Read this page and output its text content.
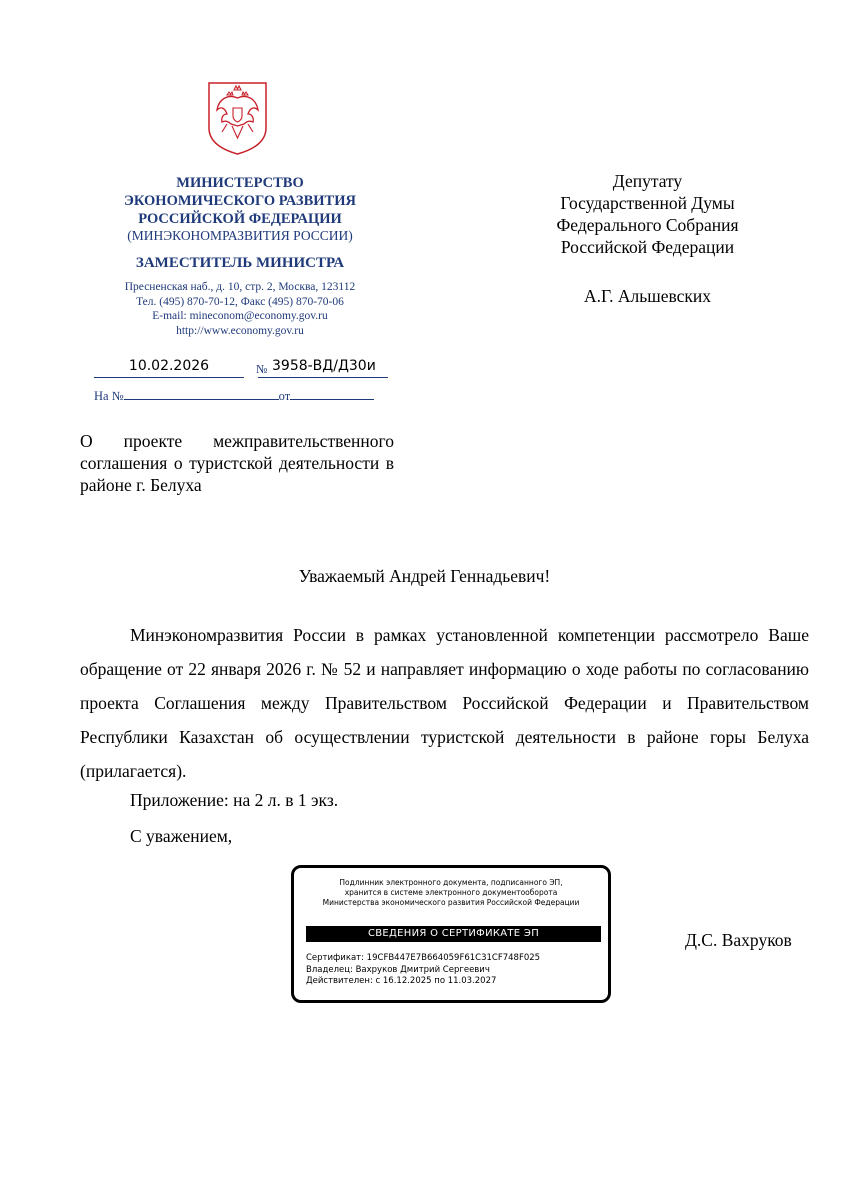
МИНИСТЕРСТВО
ЭКОНОМИЧЕСКОГО РАЗВИТИЯ
РОССИЙСКОЙ ФЕДЕРАЦИИ
(МИНЭКОНОМРАЗВИТИЯ РОССИИ)
ЗАМЕСТИТЕЛЬ МИНИСТРА
Пресненская наб., д. 10, стр. 2, Москва, 123112
Тел. (495) 870-70-12, Факс (495) 870-70-06
E-mail: mineconom@economy.gov.ru
http://www.economy.gov.ru
10.02.2026	№ 3958-ВД/Д30и
На №	от
Депутату
Государственной Думы
Федерального Собрания
Российской Федерации
А.Г. Альшевских
О проекте межправительственного соглашения о туристской деятельности в районе г. Белуха
Уважаемый Андрей Геннадьевич!

Минэкономразвития России в рамках установленной компетенции рассмотрело Ваше обращение от 22 января 2026 г. № 52 и направляет информацию о ходе работы по согласованию проекта Соглашения между Правительством Российской Федерации и Правительством Республики Казахстан об осуществлении туристской деятельности в районе горы Белуха (прилагается).

Приложение: на 2 л. в 1 экз.
С уважением,
Подлинник электронного документа, подписанного ЭП,
хранится в системе электронного документооборота
Министерства экономического развития Российской Федерации
СВЕДЕНИЯ О СЕРТИФИКАТЕ ЭП
Сертификат: 19CFB447E7B664059F61C31CF748F025
Владелец: Вахруков Дмитрий Сергеевич
Действителен: с 16.12.2025 по 11.03.2027
Д.С. Вахруков
